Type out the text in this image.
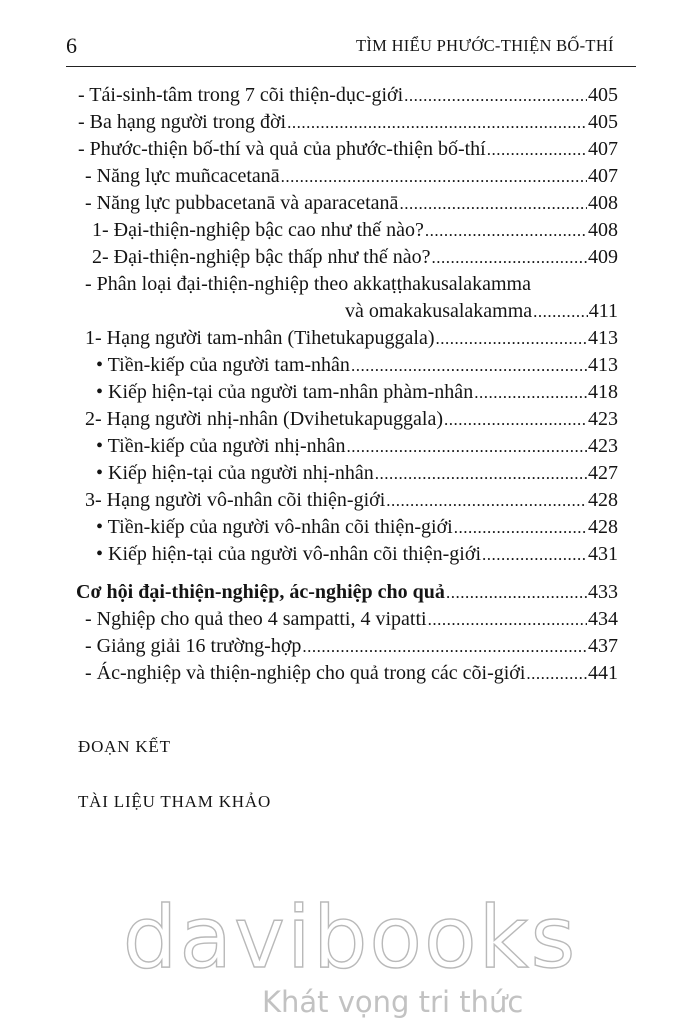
6	TÌM HIỂU PHƯỚC-THIỆN BỐ-THÍ
- Tái-sinh-tâm trong 7 cõi thiện-dục-giới .....	405
- Ba hạng người trong đời .....	405
- Phước-thiện bố-thí và quả của phước-thiện bố-thí .....	407
- Năng lực muñcacetanā .....	407
- Năng lực pubbacetanā và aparacetanā .....	408
1- Đại-thiện-nghiệp bậc cao như thế nào? .....	408
2- Đại-thiện-nghiệp bậc thấp như thế nào? .....	409
- Phân loại đại-thiện-nghiệp theo akkaṭṭhakusalakamma
và omakakusalakamma .....	411
1- Hạng người tam-nhân (Tihetukapuggala) .....	413
• Tiền-kiếp của người tam-nhân .....	413
• Kiếp hiện-tại của người tam-nhân phàm-nhân .....	418
2- Hạng người nhị-nhân (Dvihetukapuggala) .....	423
• Tiền-kiếp của người nhị-nhân .....	423
• Kiếp hiện-tại của người nhị-nhân .....	427
3- Hạng người vô-nhân cõi thiện-giới .....	428
• Tiền-kiếp của người vô-nhân cõi thiện-giới .....	428
• Kiếp hiện-tại của người vô-nhân cõi thiện-giới .....	431
Cơ hội đại-thiện-nghiệp, ác-nghiệp cho quả .....	433
- Nghiệp cho quả theo 4 sampatti, 4 vipatti .....	434
- Giảng giải 16 trường-hợp .....	437
- Ác-nghiệp và thiện-nghiệp cho quả trong các cõi-giới .....	441
ĐOẠN KẾT
TÀI LIỆU THAM KHẢO
davibooks
Khát vọng tri thức
